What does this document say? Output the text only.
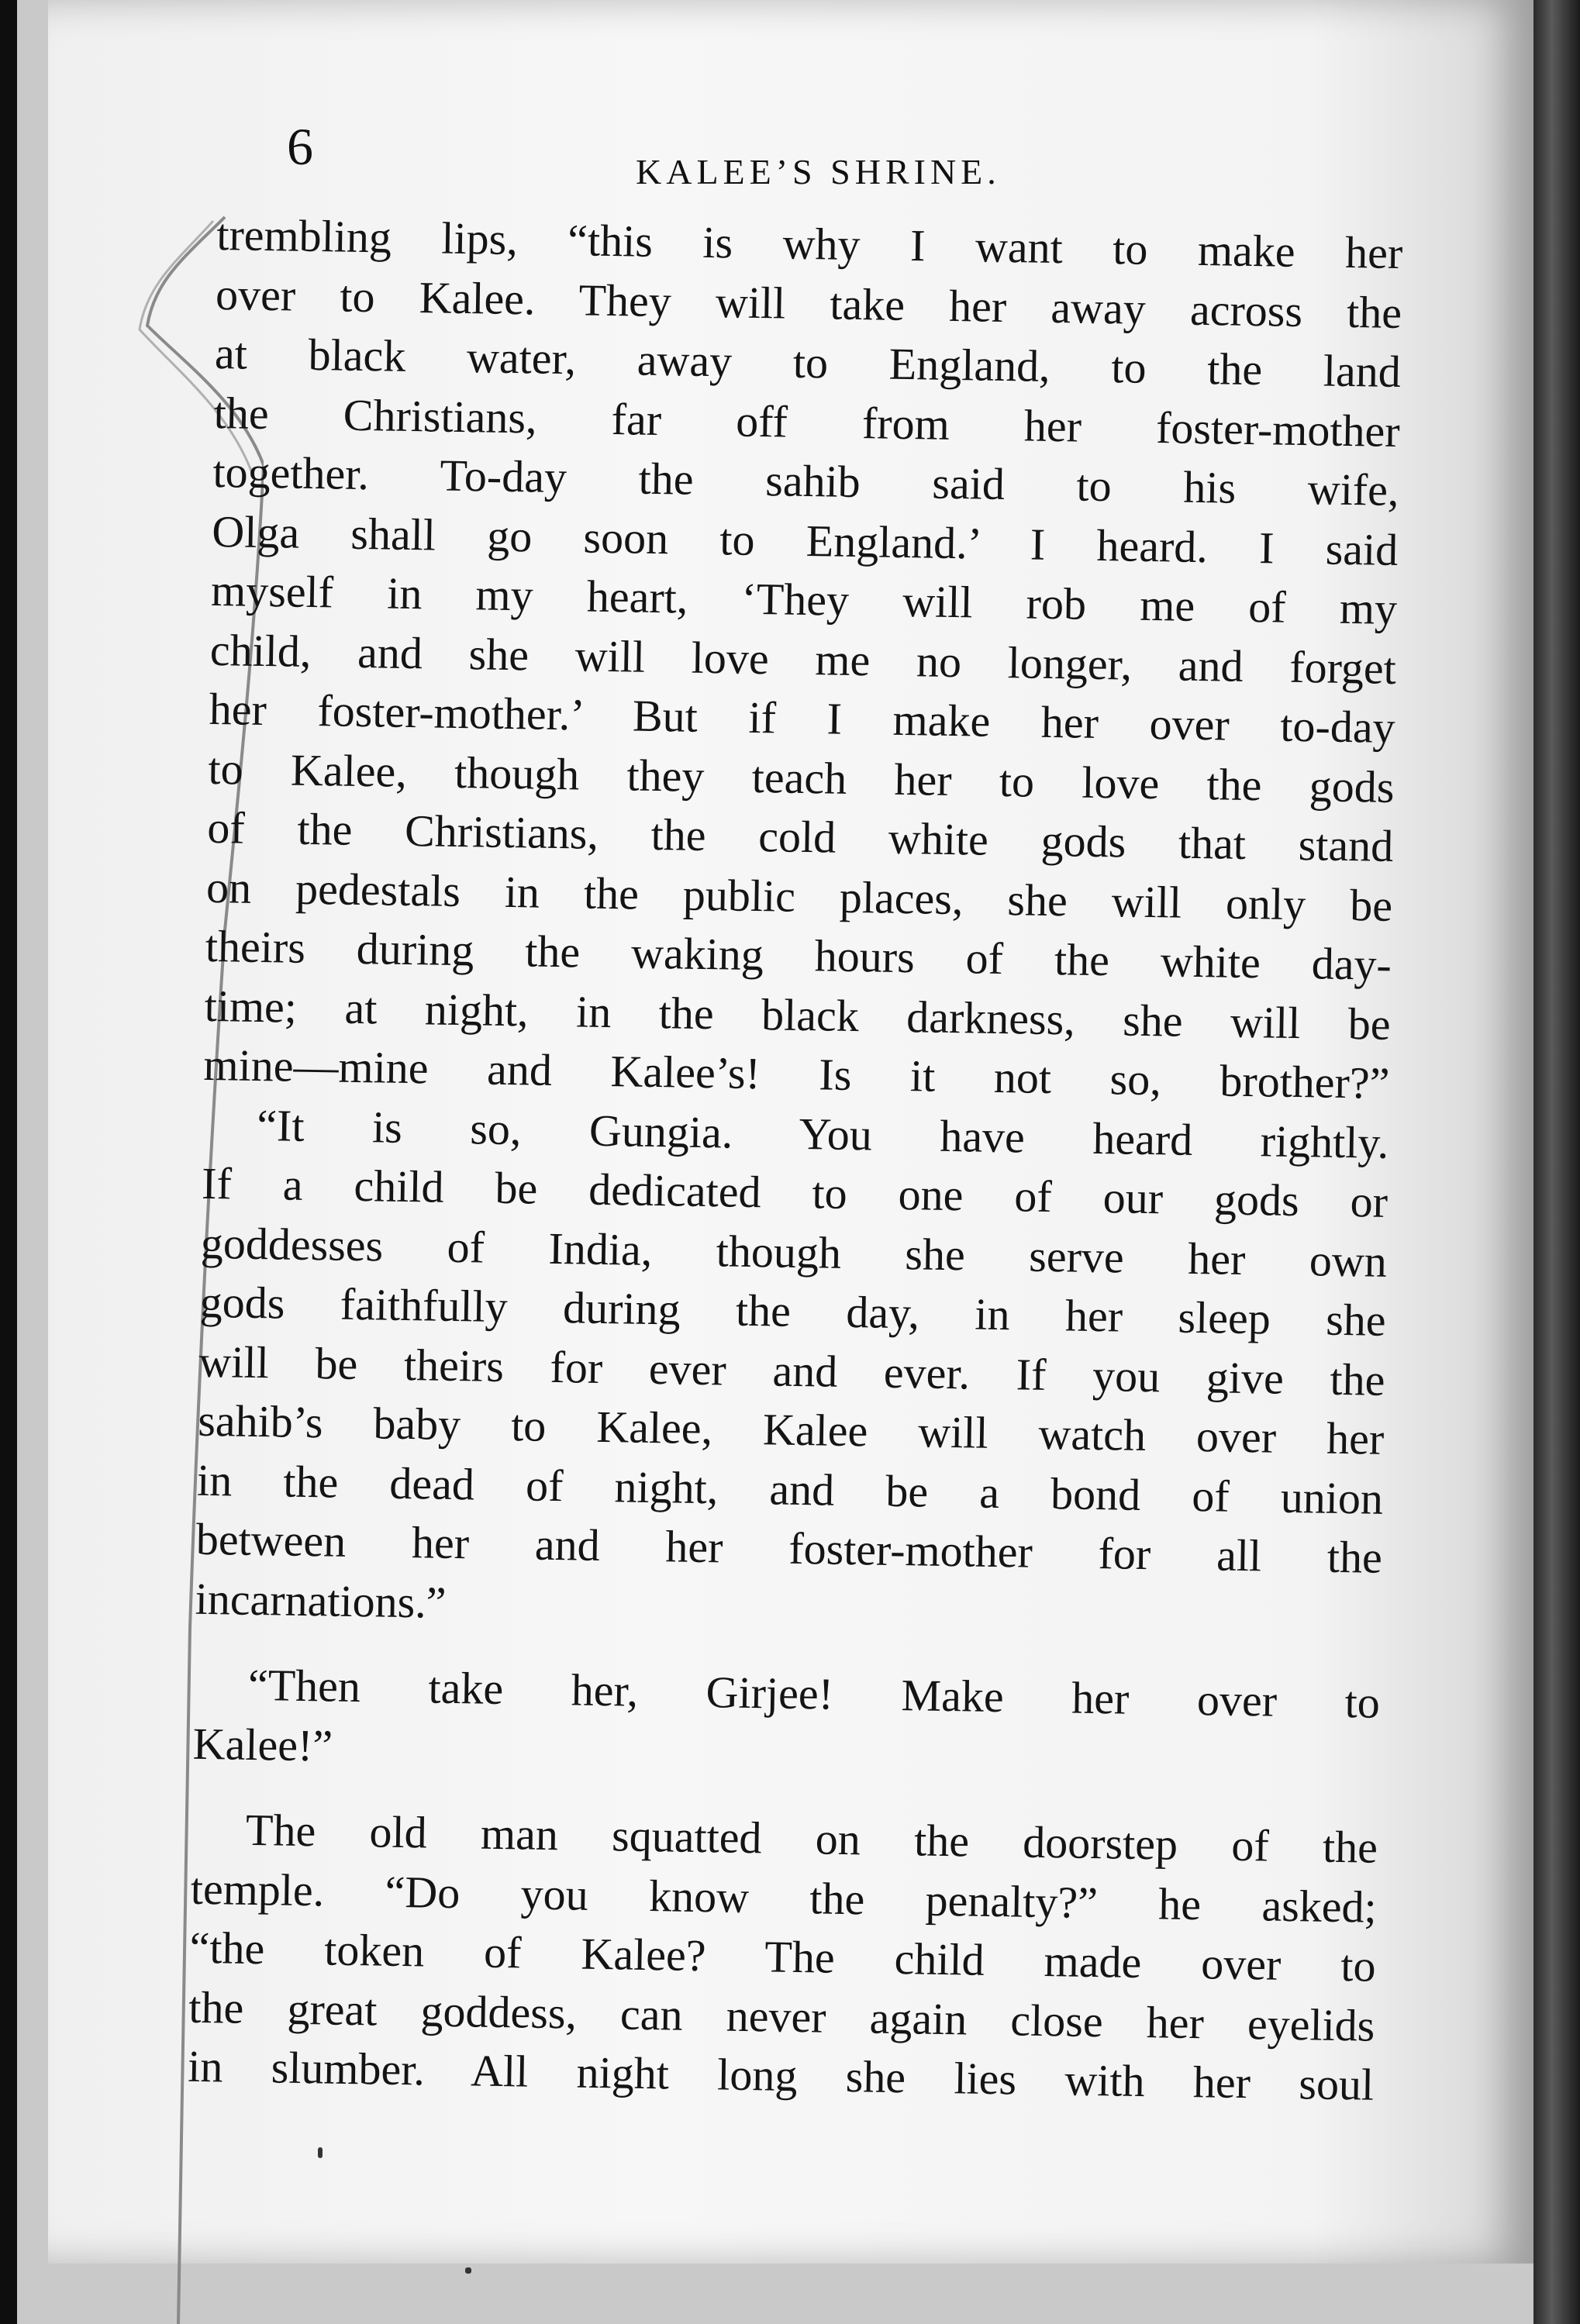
6	KALEE’S SHRINE.
trembling lips, “this is why I want to make her
over to Kalee. They will take her away across the
at black water, away to England, to the land
the Christians, far off from her foster-mother
together. To-day the sahib said to his wife,
Olga shall go soon to England.’ I heard. I said
myself in my heart, ‘They will rob me of my
child, and she will love me no longer, and forget
her foster-mother.’ But if I make her over to-day
to Kalee, though they teach her to love the gods
of the Christians, the cold white gods that stand
on pedestals in the public places, she will only be
theirs during the waking hours of the white day-
time; at night, in the black darkness, she will be
mine—mine and Kalee’s! Is it not so, brother?”
“It is so, Gungia. You have heard rightly.
If a child be dedicated to one of our gods or
goddesses of India, though she serve her own
gods faithfully during the day, in her sleep she
will be theirs for ever and ever. If you give the
sahib’s baby to Kalee, Kalee will watch over her
in the dead of night, and be a bond of union
between her and her foster-mother for all the
incarnations.”
“Then take her, Girjee! Make her over to
Kalee!”
The old man squatted on the doorstep of the
temple. “Do you know the penalty?” he asked;
“the token of Kalee? The child made over to
the great goddess, can never again close her eyelids
in slumber. All night long she lies with her soul
